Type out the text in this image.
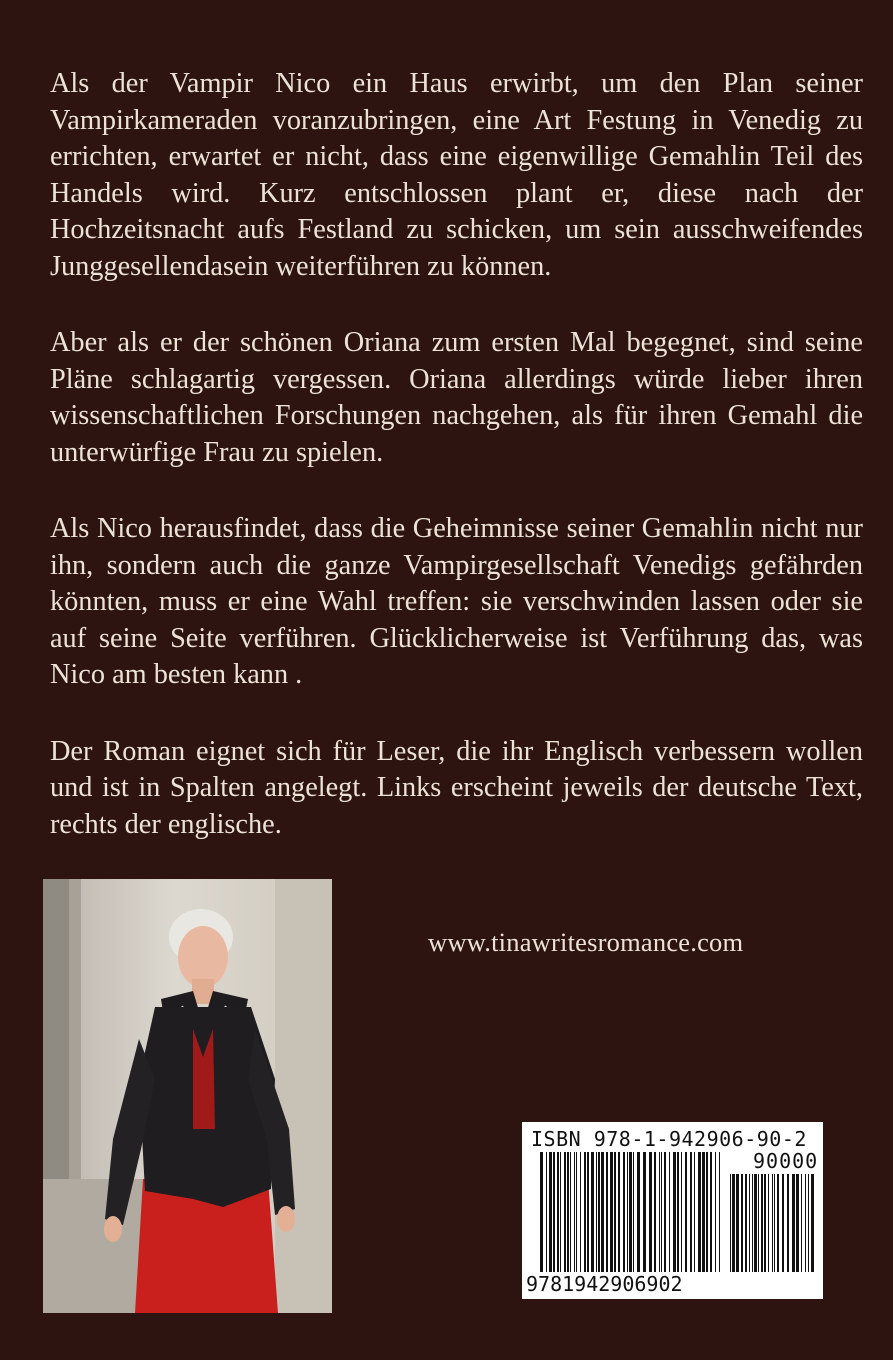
Als der Vampir Nico ein Haus erwirbt, um den Plan seiner Vampirkameraden voranzubringen, eine Art Festung in Venedig zu errichten, erwartet er nicht, dass eine eigenwillige Gemahlin Teil des Handels wird. Kurz entschlossen plant er, diese nach der Hochzeitsnacht aufs Festland zu schicken, um sein ausschweifendes Junggesellendasein weiterführen zu können.

Aber als er der schönen Oriana zum ersten Mal begegnet, sind seine Pläne schlagartig vergessen. Oriana allerdings würde lieber ihren wissenschaftlichen Forschungen nachgehen, als für ihren Gemahl die unterwürfige Frau zu spielen.

Als Nico herausfindet, dass die Geheimnisse seiner Gemahlin nicht nur ihn, sondern auch die ganze Vampirgesellschaft Venedigs gefährden könnten, muss er eine Wahl treffen: sie verschwinden lassen oder sie auf seine Seite verführen. Glücklicherweise ist Verführung das, was Nico am besten kann .

Der Roman eignet sich für Leser, die ihr Englisch verbessern wollen und ist in Spalten angelegt. Links erscheint jeweils der deutsche Text, rechts der englische.

www.tinawritesromance.com
ISBN 978-1-942906-90-2
90000
9781942906902
